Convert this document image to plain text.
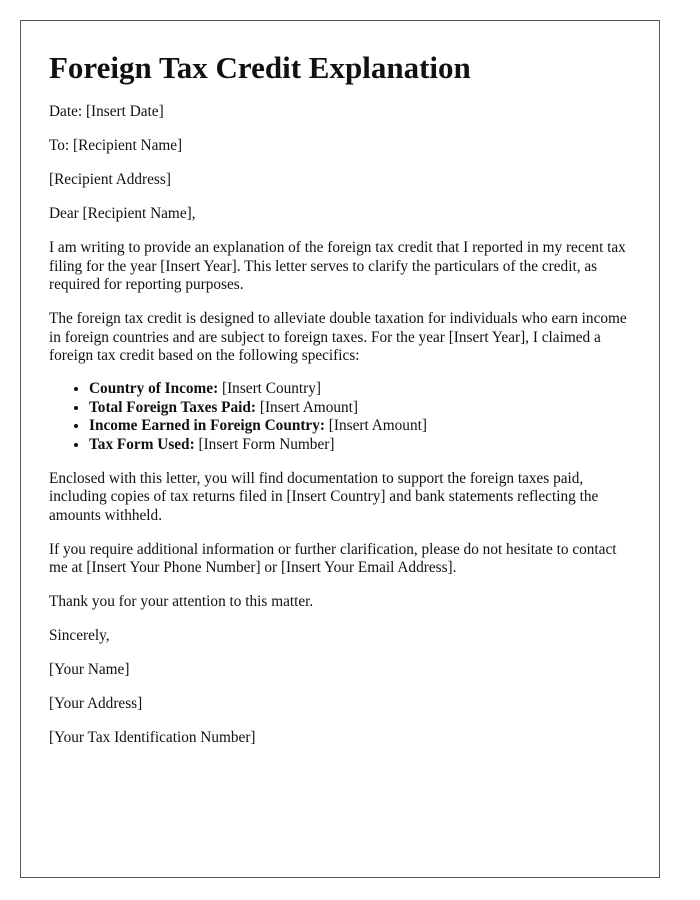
Foreign Tax Credit Explanation

Date: [Insert Date]

To: [Recipient Name]

[Recipient Address]

Dear [Recipient Name],

I am writing to provide an explanation of the foreign tax credit that I reported in my recent tax filing for the year [Insert Year]. This letter serves to clarify the particulars of the credit, as required for reporting purposes.

The foreign tax credit is designed to alleviate double taxation for individuals who earn income in foreign countries and are subject to foreign taxes. For the year [Insert Year], I claimed a foreign tax credit based on the following specifics:

• Country of Income: [Insert Country]
• Total Foreign Taxes Paid: [Insert Amount]
• Income Earned in Foreign Country: [Insert Amount]
• Tax Form Used: [Insert Form Number]

Enclosed with this letter, you will find documentation to support the foreign taxes paid, including copies of tax returns filed in [Insert Country] and bank statements reflecting the amounts withheld.

If you require additional information or further clarification, please do not hesitate to contact me at [Insert Your Phone Number] or [Insert Your Email Address].

Thank you for your attention to this matter.

Sincerely,

[Your Name]

[Your Address]

[Your Tax Identification Number]
